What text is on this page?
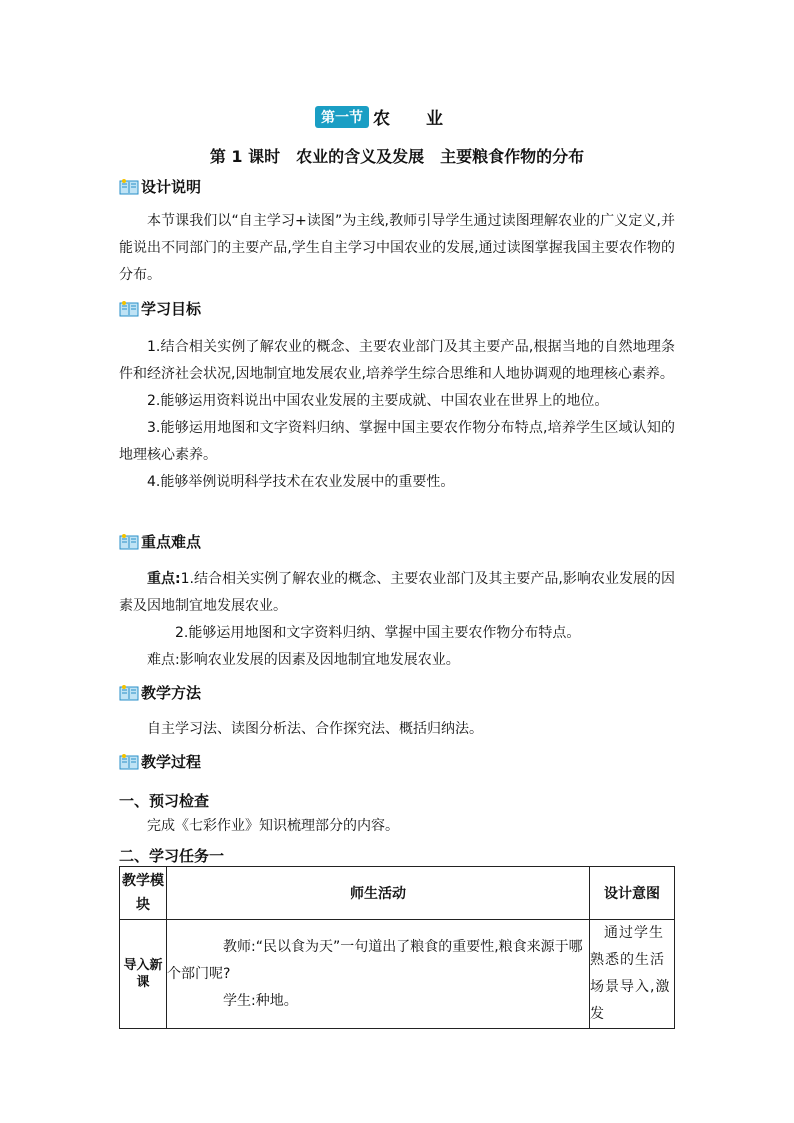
第一节 农业
第 1 课时　农业的含义及发展　主要粮食作物的分布
设计说明

本节课我们以“自主学习+读图”为主线,教师引导学生通过读图理解农业的广义定义,并能说出不同部门的主要产品,学生自主学习中国农业的发展,通过读图掌握我国主要农作物的分布。

学习目标

1.结合相关实例了解农业的概念、主要农业部门及其主要产品,根据当地的自然地理条件和经济社会状况,因地制宜地发展农业,培养学生综合思维和人地协调观的地理核心素养。

2.能够运用资料说出中国农业发展的主要成就、中国农业在世界上的地位。

3.能够运用地图和文字资料归纳、掌握中国主要农作物分布特点,培养学生区域认知的地理核心素养。

4.能够举例说明科学技术在农业发展中的重要性。

重点难点

重点:1.结合相关实例了解农业的概念、主要农业部门及其主要产品,影响农业发展的因素及因地制宜地发展农业。

2.能够运用地图和文字资料归纳、掌握中国主要农作物分布特点。

难点:影响农业发展的因素及因地制宜地发展农业。

教学方法

自主学习法、读图分析法、合作探究法、概括归纳法。

教学过程
一、预习检查

完成《七彩作业》知识梳理部分的内容。

二、学习任务一
教学模块	师生活动	设计意图
导入新课	教师:“民以食为天”一句道出了粮食的重要性,粮食来源于哪个部门呢?
学生:种地。	通过学生熟悉的生活场景导入,激发
